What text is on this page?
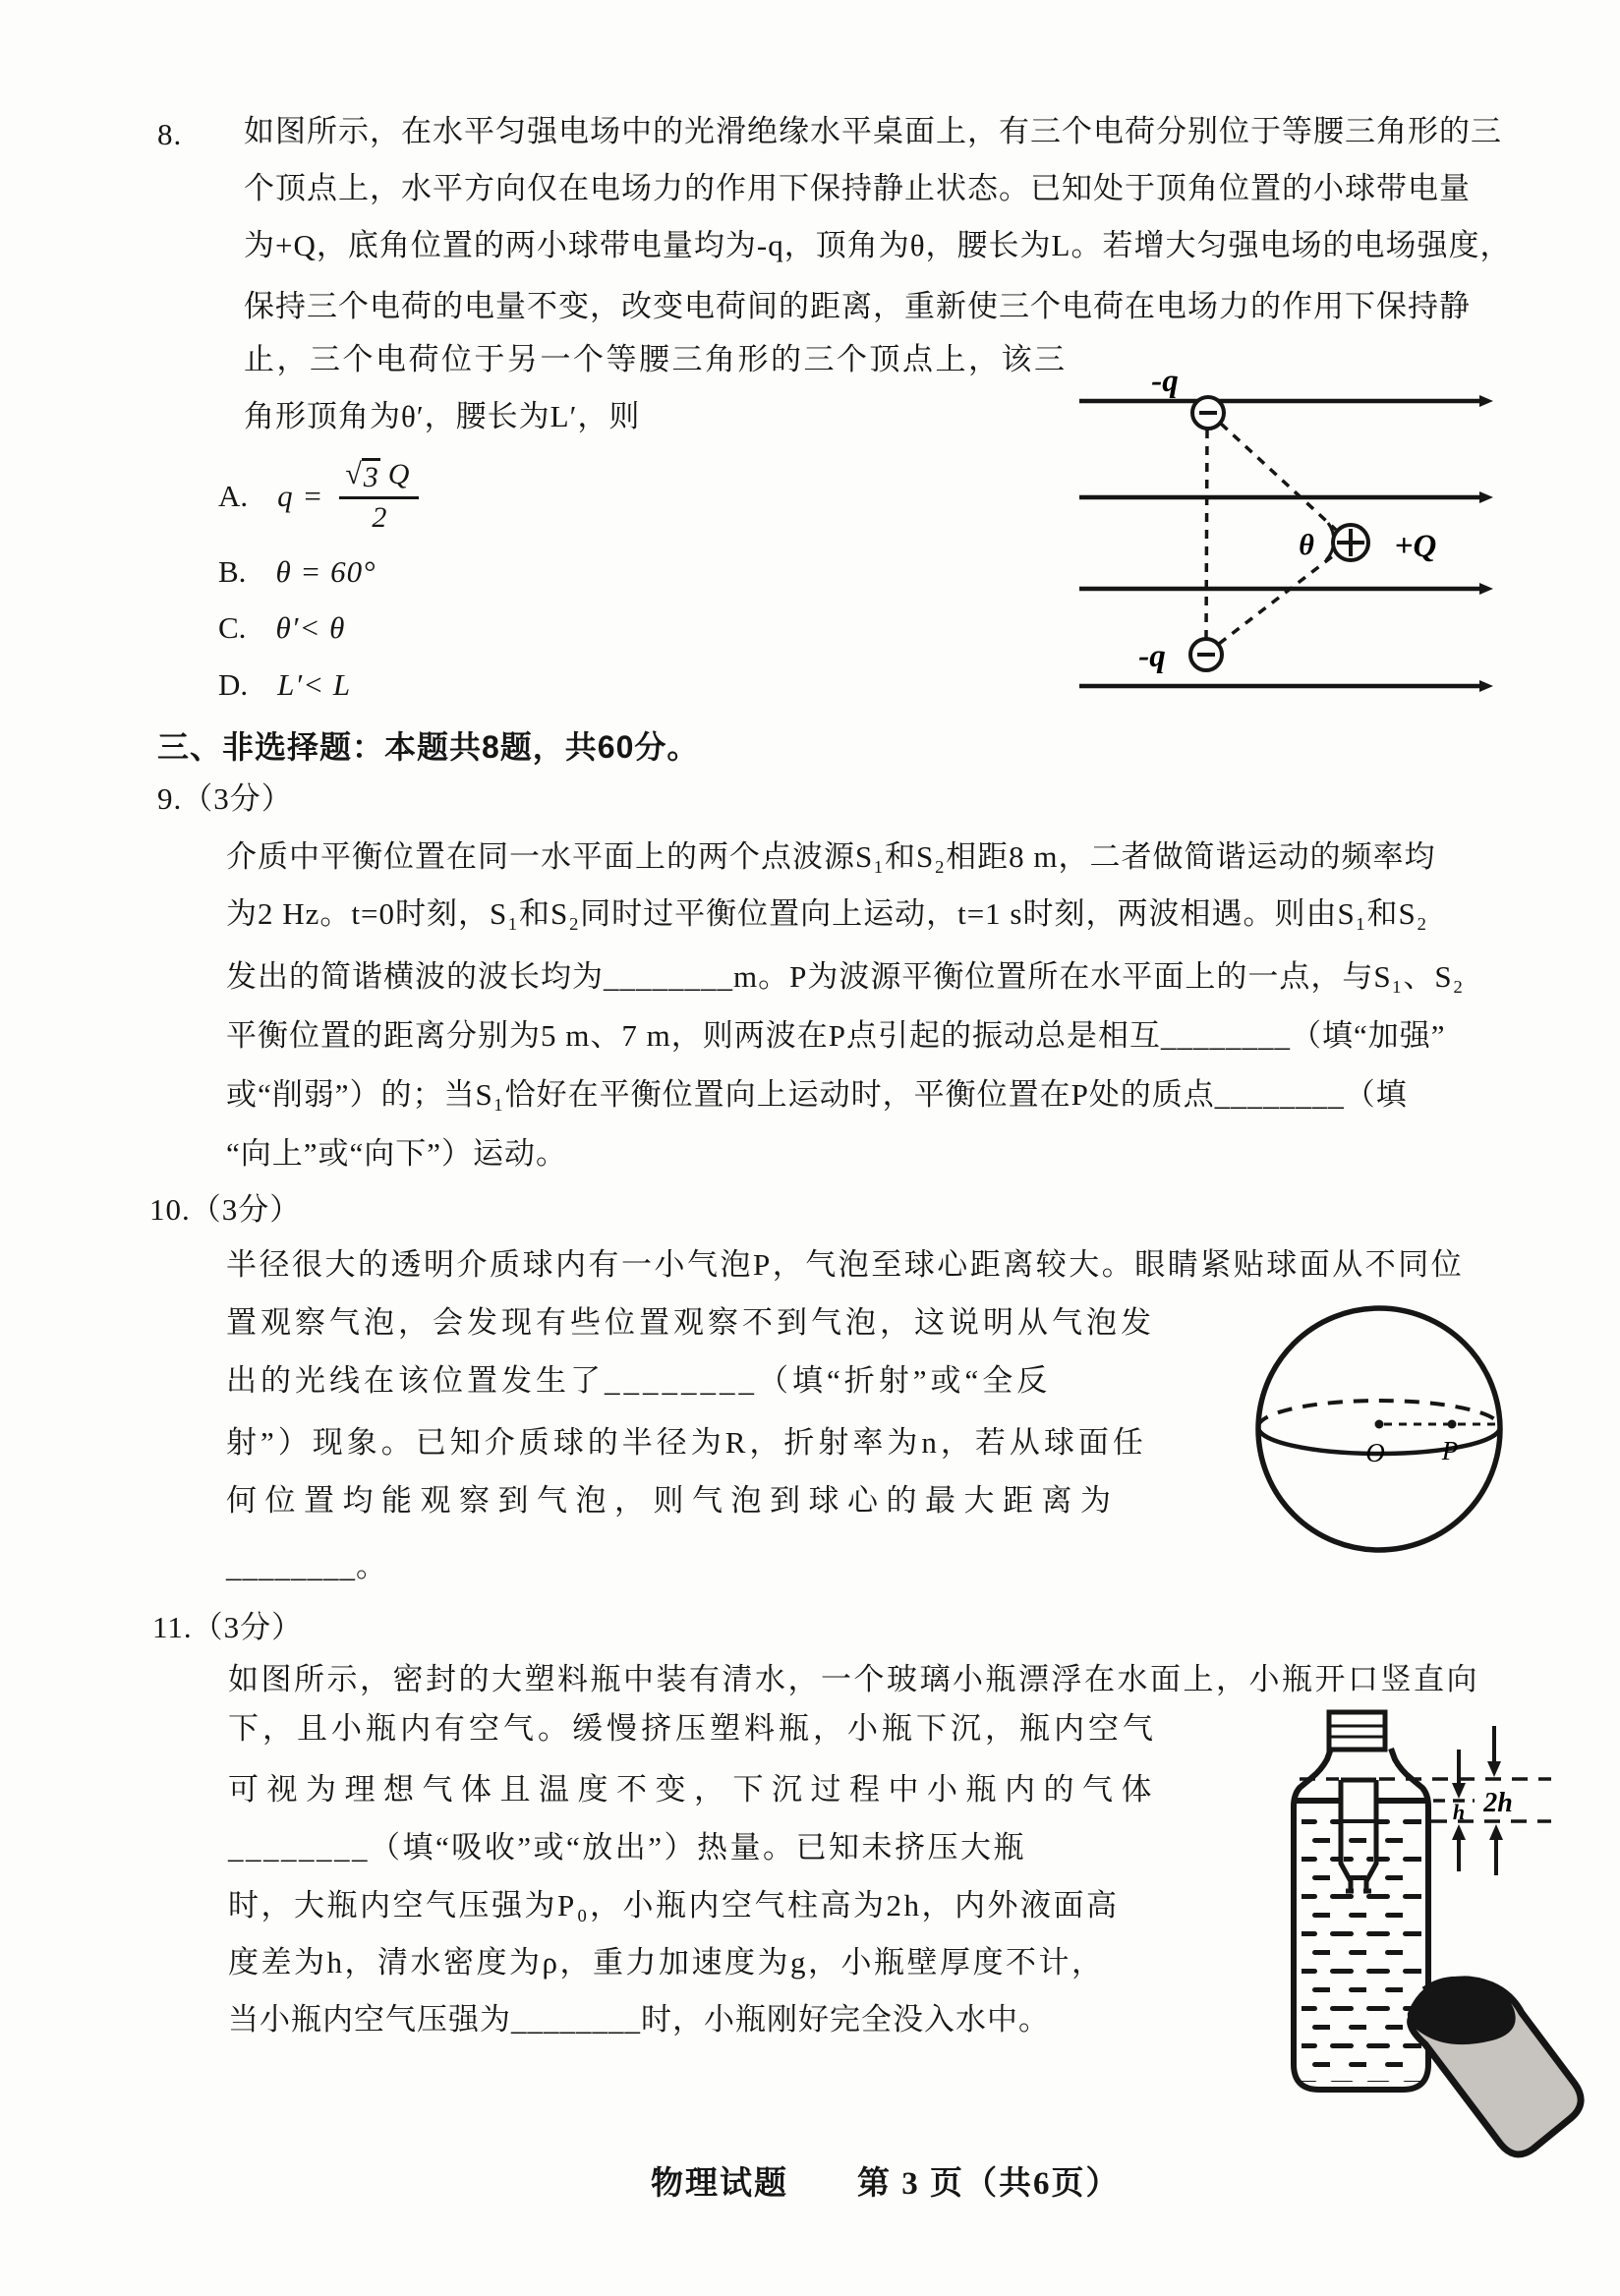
8. 如图所示，在水平匀强电场中的光滑绝缘水平桌面上，有三个电荷分别位于等腰三角形的三
个顶点上，水平方向仅在电场力的作用下保持静止状态。已知处于顶角位置的小球带电量
为+Q，底角位置的两小球带电量均为-q，顶角为θ，腰长为L。若增大匀强电场的电场强度，
保持三个电荷的电量不变，改变电荷间的距离，重新使三个电荷在电场力的作用下保持静
止，三个电荷位于另一个等腰三角形的三个顶点上，该三
角形顶角为θ′，腰长为L′，则
A. $q = \frac{√ 3 Q}{2}$
B. θ = 60°
C. θ′< θ
D. L′< L
-q
-q
θ +Q
三、非选择题：本题共8题，共60分。
9.（3分）
介质中平衡位置在同一水平面上的两个点波源S₁和S₂相距8 m，二者做简谐运动的频率均
为2 Hz。t=0时刻，S₁和S₂同时过平衡位置向上运动，t=1 s时刻，两波相遇。则由S₁和S₂
发出的简谐横波的波长均为________m。P为波源平衡位置所在水平面上的一点，与S₁、S₂
平衡位置的距离分别为5 m、7 m，则两波在P点引起的振动总是相互________（填“加强”
或“削弱”）的；当S₁恰好在平衡位置向上运动时，平衡位置在P处的质点________（填
“向上”或“向下”）运动。
10.（3分）
半径很大的透明介质球内有一小气泡P，气泡至球心距离较大。眼睛紧贴球面从不同位
置观察气泡，会发现有些位置观察不到气泡，这说明从气泡发
出的光线在该位置发生了________（填“折射”或“全反
射”）现象。已知介质球的半径为R，折射率为n，若从球面任
何位置均能观察到气泡，则气泡到球心的最大距离为
________。
O P
11.（3分）
如图所示，密封的大塑料瓶中装有清水，一个玻璃小瓶漂浮在水面上，小瓶开口竖直向
下，且小瓶内有空气。缓慢挤压塑料瓶，小瓶下沉，瓶内空气
可视为理想气体且温度不变，下沉过程中小瓶内的气体
________（填“吸收”或“放出”）热量。已知未挤压大瓶
时，大瓶内空气压强为P₀，小瓶内空气柱高为2h，内外液面高
度差为h，清水密度为ρ，重力加速度为g，小瓶壁厚度不计，
当小瓶内空气压强为________时，小瓶刚好完全没入水中。
2h
h
物理试题　　第 3 页（共6页）
